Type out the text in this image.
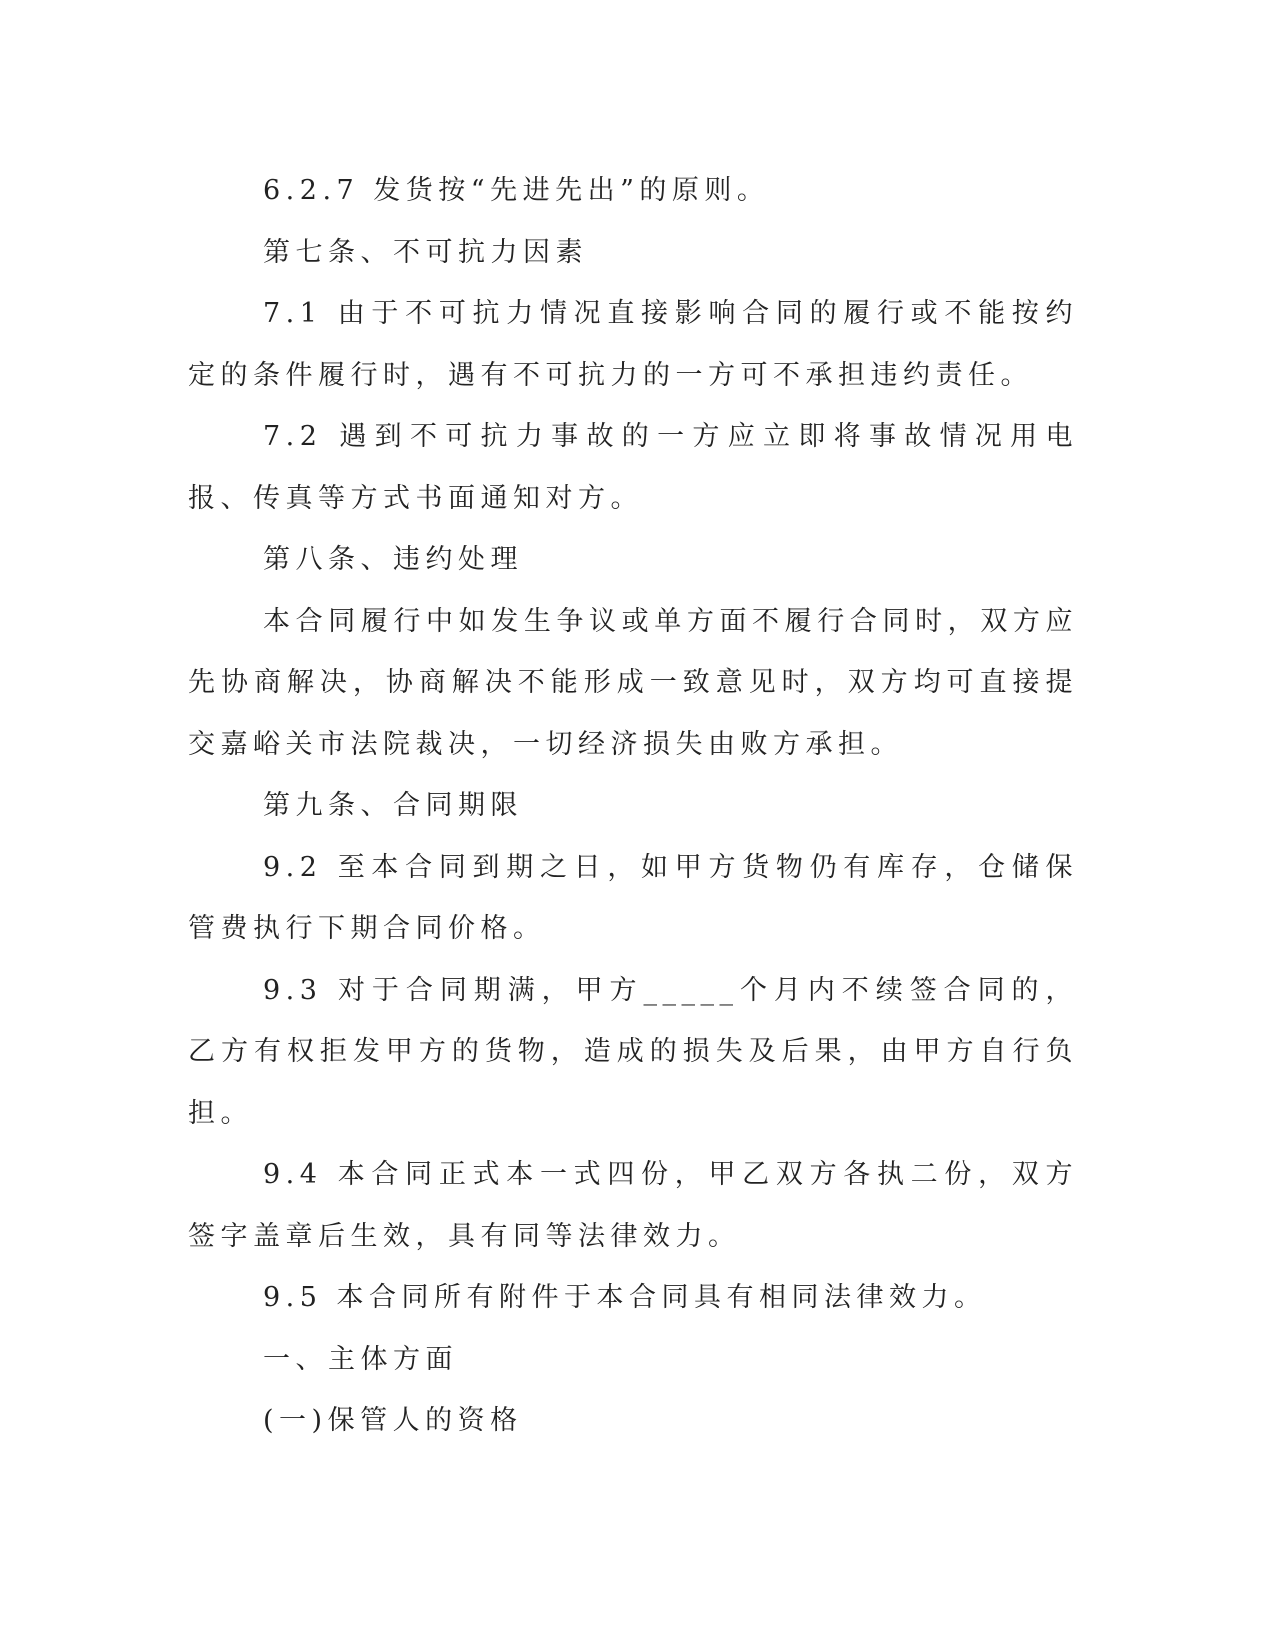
6.2.7 发货按“先进先出”的原则。

第七条、不可抗力因素

7.1 由于不可抗力情况直接影响合同的履行或不能按约定的条件履行时，遇有不可抗力的一方可不承担违约责任。

7.2 遇到不可抗力事故的一方应立即将事故情况用电报、传真等方式书面通知对方。

第八条、违约处理

本合同履行中如发生争议或单方面不履行合同时，双方应先协商解决，协商解决不能形成一致意见时，双方均可直接提交嘉峪关市法院裁决，一切经济损失由败方承担。

第九条、合同期限

9.2 至本合同到期之日，如甲方货物仍有库存，仓储保管费执行下期合同价格。

9.3 对于合同期满，甲方_____个月内不续签合同的，乙方有权拒发甲方的货物，造成的损失及后果，由甲方自行负担。

9.4 本合同正式本一式四份，甲乙双方各执二份，双方签字盖章后生效，具有同等法律效力。

9.5 本合同所有附件于本合同具有相同法律效力。

一、主体方面

(一)保管人的资格
